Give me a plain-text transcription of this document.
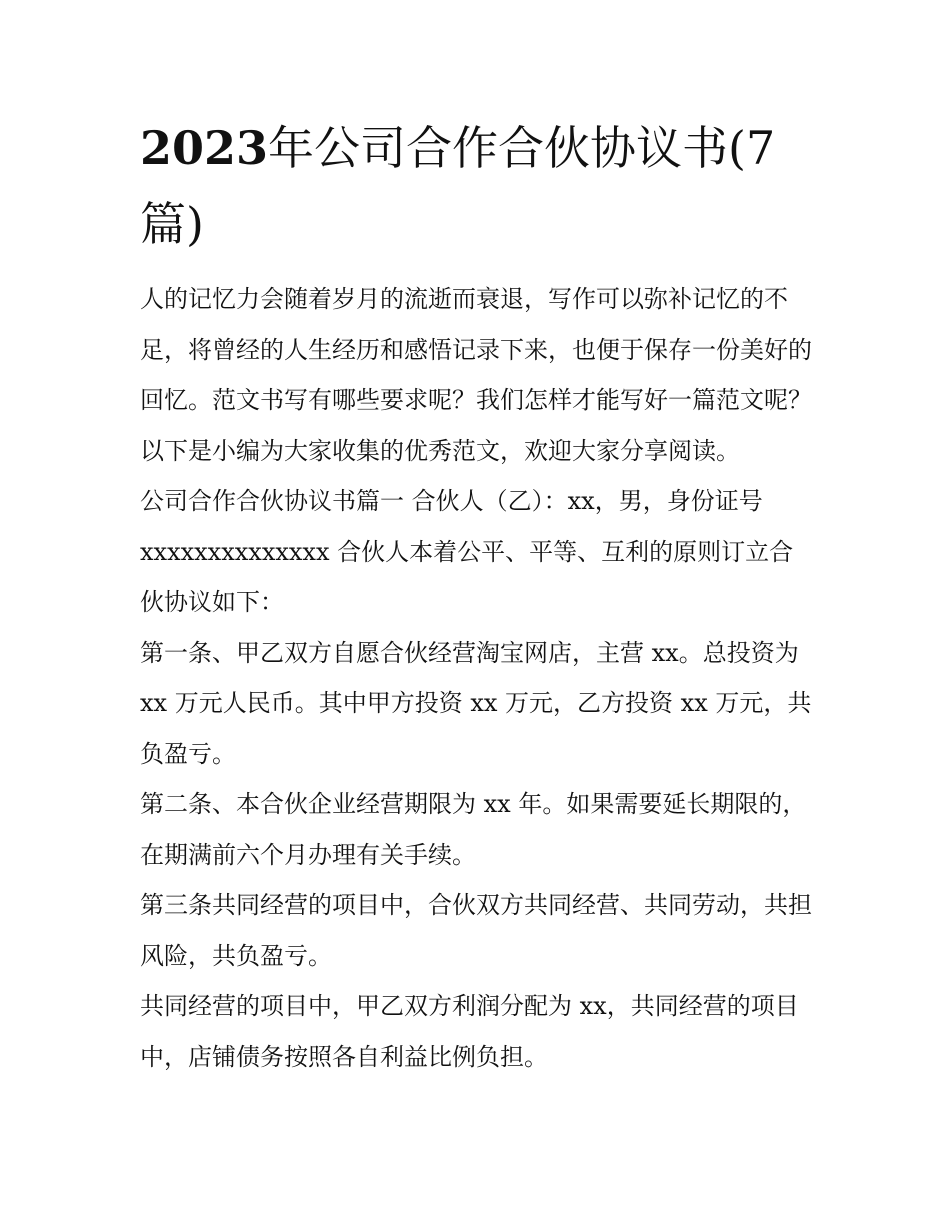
2023年公司合作合伙协议书(7篇)

人的记忆力会随着岁月的流逝而衰退，写作可以弥补记忆的不足，将曾经的人生经历和感悟记录下来，也便于保存一份美好的回忆。范文书写有哪些要求呢？我们怎样才能写好一篇范文呢？以下是小编为大家收集的优秀范文，欢迎大家分享阅读。

公司合作合伙协议书篇一 合伙人（乙）：xx，男，身份证号xxxxxxxxxxxxxx 合伙人本着公平、平等、互利的原则订立合伙协议如下：

第一条、甲乙双方自愿合伙经营淘宝网店，主营 xx。总投资为 xx 万元人民币。其中甲方投资 xx 万元，乙方投资 xx 万元，共负盈亏。

第二条、本合伙企业经营期限为 xx 年。如果需要延长期限的，在期满前六个月办理有关手续。

第三条共同经营的项目中，合伙双方共同经营、共同劳动，共担风险，共负盈亏。

共同经营的项目中，甲乙双方利润分配为 xx，共同经营的项目中，店铺债务按照各自利益比例负担。
